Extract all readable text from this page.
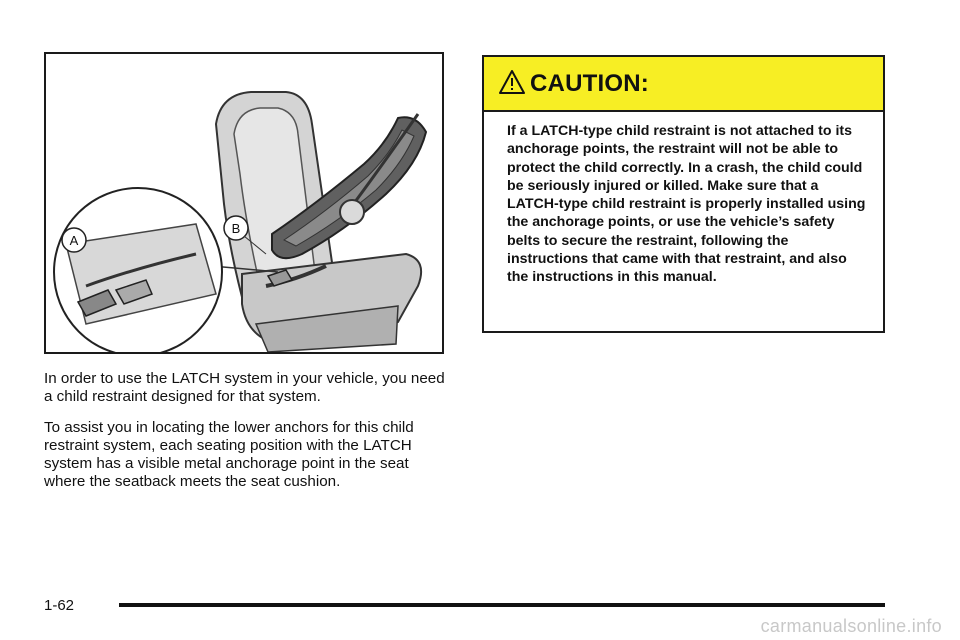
A
B

In order to use the LATCH system in your vehicle, you need a child restraint designed for that system.

To assist you in locating the lower anchors for this child restraint system, each seating position with the LATCH system has a visible metal anchorage point in the seat where the seatback meets the seat cushion.

CAUTION:
If a LATCH-type child restraint is not attached to its anchorage points, the restraint will not be able to protect the child correctly. In a crash, the child could be seriously injured or killed. Make sure that a LATCH-type child restraint is properly installed using the anchorage points, or use the vehicle’s safety belts to secure the restraint, following the instructions that came with that restraint, and also the instructions in this manual.
1-62
carmanualsonline.info
